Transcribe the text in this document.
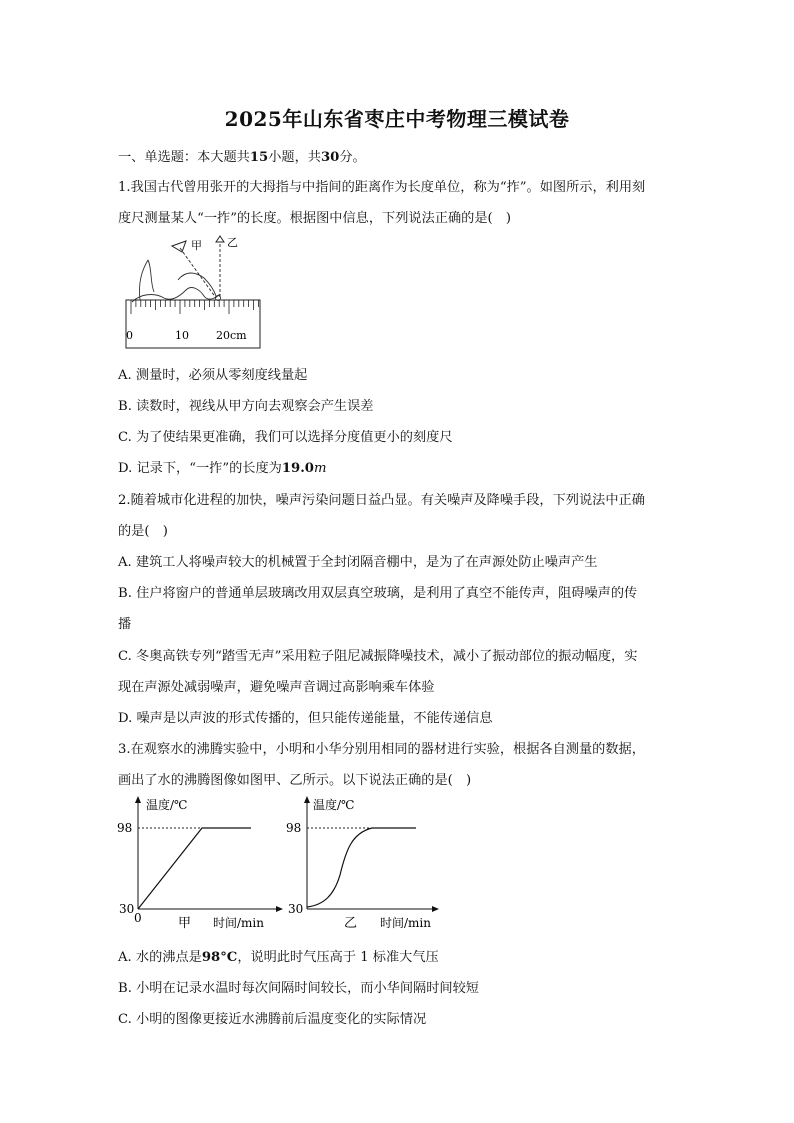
2025年山东省枣庄中考物理三模试卷
一、单选题：本大题共15小题，共30分。
1.我国古代曾用张开的大拇指与中指间的距离作为长度单位，称为“拃”。如图所示，利用刻
度尺测量某人“一拃”的长度。根据图中信息，下列说法正确的是(　)
甲 乙
0	10 20cm
A. 测量时，必须从零刻度线量起
B. 读数时，视线从甲方向去观察会产生误差
C. 为了使结果更准确，我们可以选择分度值更小的刻度尺
D. 记录下，“一拃”的长度为19.0m
2.随着城市化进程的加快，噪声污染问题日益凸显。有关噪声及降噪手段，下列说法中正确
的是(　)
A. 建筑工人将噪声较大的机械置于全封闭隔音棚中，是为了在声源处防止噪声产生
B. 住户将窗户的普通单层玻璃改用双层真空玻璃，是利用了真空不能传声，阻碍噪声的传
播
C. 冬奥高铁专列“踏雪无声”采用粒子阻尼减振降噪技术，减小了振动部位的振动幅度，实
现在声源处减弱噪声，避免噪声音调过高影响乘车体验
D. 噪声是以声波的形式传播的，但只能传递能量，不能传递信息
3.在观察水的沸腾实验中，小明和小华分别用相同的器材进行实验，根据各自测量的数据，
画出了水的沸腾图像如图甲、乙所示。以下说法正确的是(　)
温度/℃
98
30
0	甲 时间/min
温度/℃
98
30
乙 时间/min
A. 水的沸点是98°C，说明此时气压高于 1 标准大气压
B. 小明在记录水温时每次间隔时间较长，而小华间隔时间较短
C. 小明的图像更接近水沸腾前后温度变化的实际情况
